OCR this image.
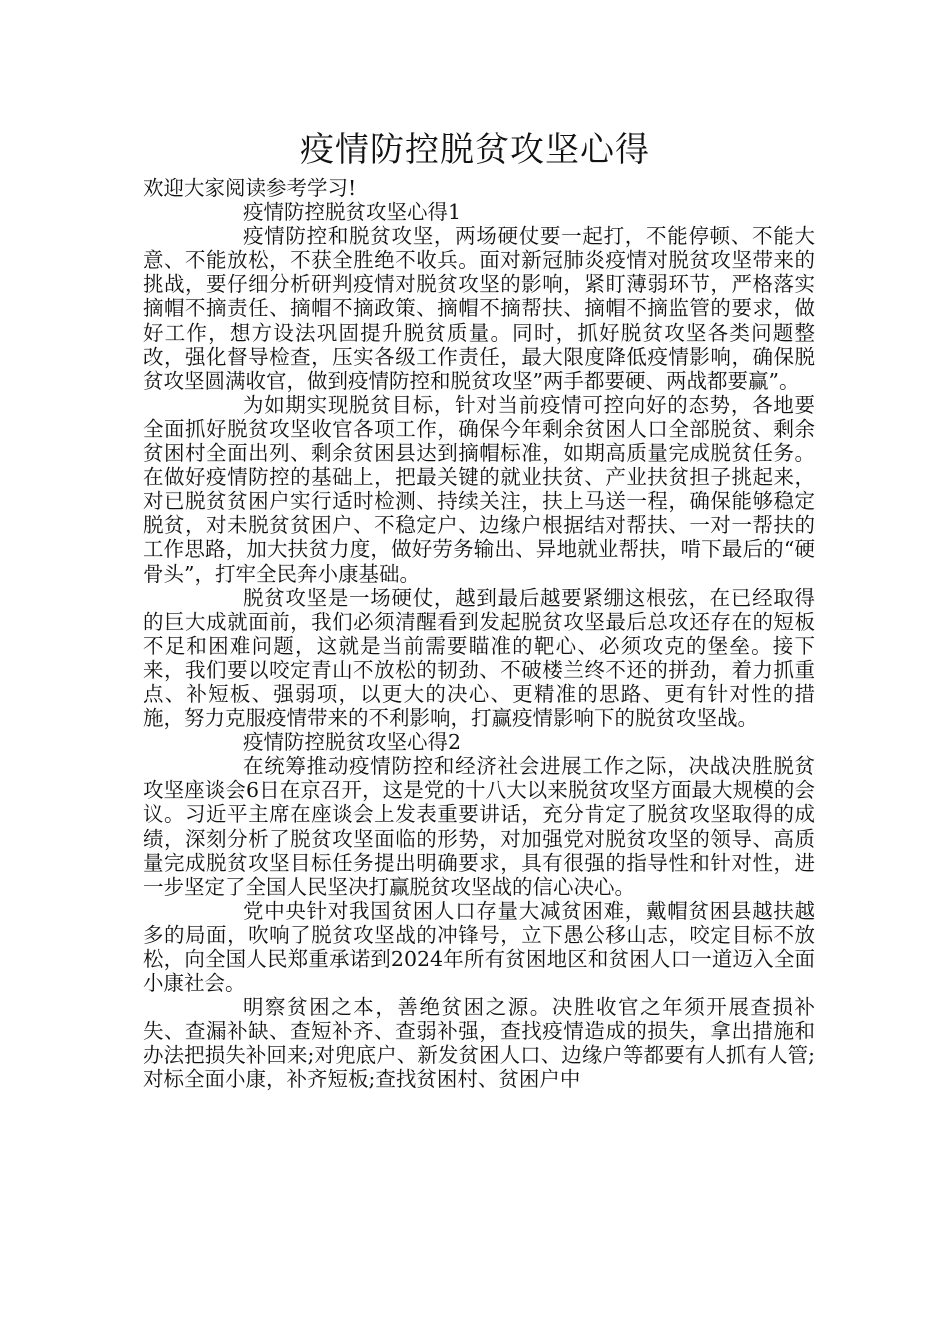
疫情防控脱贫攻坚心得

欢迎大家阅读参考学习!

疫情防控脱贫攻坚心得1

疫情防控和脱贫攻坚，两场硬仗要一起打，不能停顿、不能大意、不能放松，不获全胜绝不收兵。面对新冠肺炎疫情对脱贫攻坚带来的挑战，要仔细分析研判疫情对脱贫攻坚的影响，紧盯薄弱环节，严格落实摘帽不摘责任、摘帽不摘政策、摘帽不摘帮扶、摘帽不摘监管的要求，做好工作，想方设法巩固提升脱贫质量。同时，抓好脱贫攻坚各类问题整改，强化督导检查，压实各级工作责任，最大限度降低疫情影响，确保脱贫攻坚圆满收官，做到疫情防控和脱贫攻坚”两手都要硬、两战都要赢”。

为如期实现脱贫目标，针对当前疫情可控向好的态势，各地要全面抓好脱贫攻坚收官各项工作，确保今年剩余贫困人口全部脱贫、剩余贫困村全面出列、剩余贫困县达到摘帽标准，如期高质量完成脱贫任务。在做好疫情防控的基础上，把最关键的就业扶贫、产业扶贫担子挑起来，对已脱贫贫困户实行适时检测、持续关注，扶上马送一程，确保能够稳定脱贫，对未脱贫贫困户、不稳定户、边缘户根据结对帮扶、一对一帮扶的工作思路，加大扶贫力度，做好劳务输出、异地就业帮扶，啃下最后的“硬骨头”，打牢全民奔小康基础。

脱贫攻坚是一场硬仗，越到最后越要紧绷这根弦，在已经取得的巨大成就面前，我们必须清醒看到发起脱贫攻坚最后总攻还存在的短板不足和困难问题，这就是当前需要瞄准的靶心、必须攻克的堡垒。接下来，我们要以咬定青山不放松的韧劲、不破楼兰终不还的拼劲，着力抓重点、补短板、强弱项，以更大的决心、更精准的思路、更有针对性的措施，努力克服疫情带来的不利影响，打赢疫情影响下的脱贫攻坚战。

疫情防控脱贫攻坚心得2

在统筹推动疫情防控和经济社会进展工作之际，决战决胜脱贫攻坚座谈会6日在京召开，这是党的十八大以来脱贫攻坚方面最大规模的会议。习近平主席在座谈会上发表重要讲话，充分肯定了脱贫攻坚取得的成绩，深刻分析了脱贫攻坚面临的形势，对加强党对脱贫攻坚的领导、高质量完成脱贫攻坚目标任务提出明确要求，具有很强的指导性和针对性，进一步坚定了全国人民坚决打赢脱贫攻坚战的信心决心。

党中央针对我国贫困人口存量大减贫困难，戴帽贫困县越扶越多的局面，吹响了脱贫攻坚战的冲锋号，立下愚公移山志，咬定目标不放松，向全国人民郑重承诺到2024年所有贫困地区和贫困人口一道迈入全面小康社会。

明察贫困之本，善绝贫困之源。决胜收官之年须开展查损补失、查漏补缺、查短补齐、查弱补强，查找疫情造成的损失，拿出措施和办法把损失补回来;对兜底户、新发贫困人口、边缘户等都要有人抓有人管;对标全面小康，补齐短板;查找贫困村、贫困户中
